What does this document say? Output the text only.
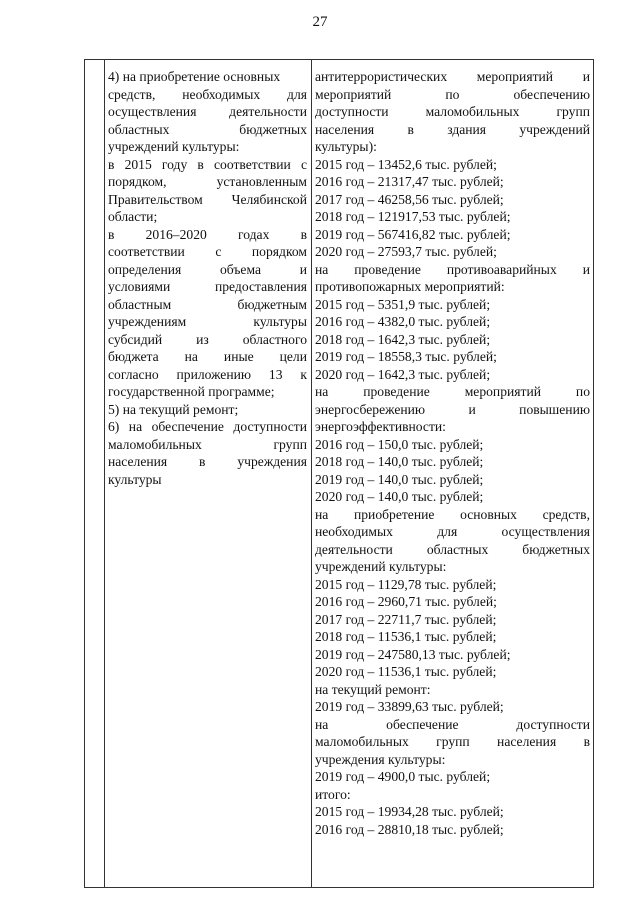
27
4) на приобретение основных
средств, необходимых для
осуществления деятельности
областных бюджетных
учреждений культуры:
в 2015 году в соответствии с
порядком, установленным
Правительством Челябинской
области;
в 2016–2020 годах в
соответствии с порядком
определения объема и
условиями предоставления
областным бюджетным
учреждениям культуры
субсидий из областного
бюджета на иные цели
согласно приложению 13 к
государственной программе;
5) на текущий ремонт;
6) на обеспечение доступности
маломобильных групп
населения в учреждения
культуры
антитеррористических мероприятий и
мероприятий по обеспечению
доступности маломобильных групп
населения в здания учреждений
культуры):
2015 год – 13452,6 тыс. рублей;
2016 год – 21317,47 тыс. рублей;
2017 год – 46258,56 тыс. рублей;
2018 год – 121917,53 тыс. рублей;
2019 год – 567416,82 тыс. рублей;
2020 год – 27593,7 тыс. рублей;
на проведение противоаварийных и
противопожарных мероприятий:
2015 год – 5351,9 тыс. рублей;
2016 год – 4382,0 тыс. рублей;
2018 год – 1642,3 тыс. рублей;
2019 год – 18558,3 тыс. рублей;
2020 год – 1642,3 тыс. рублей;
на проведение мероприятий по
энергосбережению и повышению
энергоэффективности:
2016 год – 150,0 тыс. рублей;
2018 год – 140,0 тыс. рублей;
2019 год – 140,0 тыс. рублей;
2020 год – 140,0 тыс. рублей;
на приобретение основных средств,
необходимых для осуществления
деятельности областных бюджетных
учреждений культуры:
2015 год – 1129,78 тыс. рублей;
2016 год – 2960,71 тыс. рублей;
2017 год – 22711,7 тыс. рублей;
2018 год – 11536,1 тыс. рублей;
2019 год – 247580,13 тыс. рублей;
2020 год – 11536,1 тыс. рублей;
на текущий ремонт:
2019 год – 33899,63 тыс. рублей;
на обеспечение доступности
маломобильных групп населения в
учреждения культуры:
2019 год – 4900,0 тыс. рублей;
итого:
2015 год – 19934,28 тыс. рублей;
2016 год – 28810,18 тыс. рублей;
